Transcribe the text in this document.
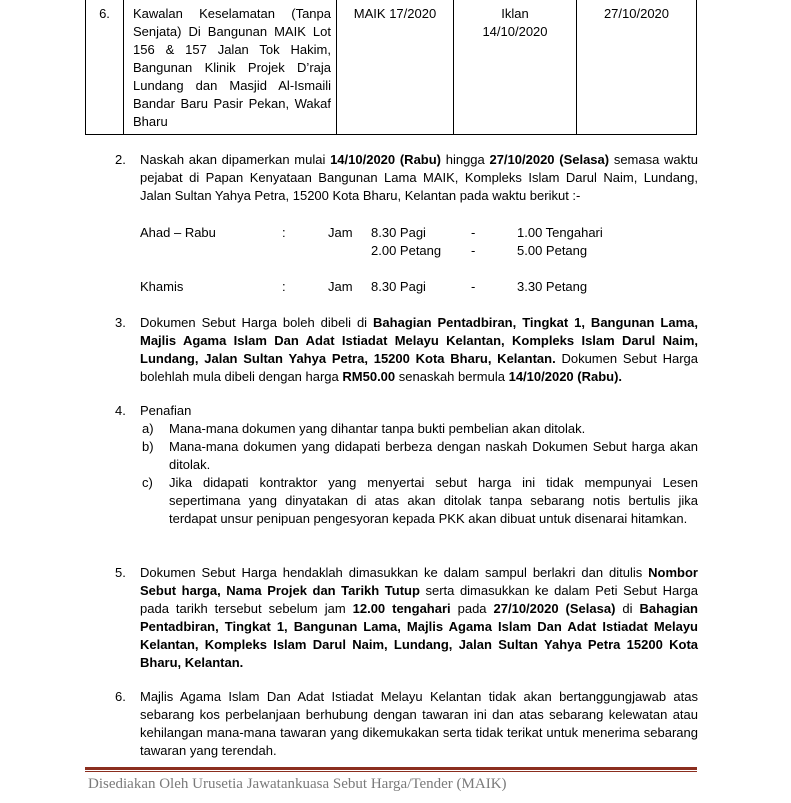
6.	Kawalan Keselamatan (Tanpa Senjata) Di Bangunan MAIK Lot 156 & 157 Jalan Tok Hakim, Bangunan Klinik Projek D’raja Lundang dan Masjid Al-Ismaili Bandar Baru Pasir Pekan, Wakaf Bharu	MAIK 17/2020	Iklan
14/10/2020
	27/10/2020
2. Naskah akan dipamerkan mulai 14/10/2020 (Rabu) hingga 27/10/2020 (Selasa) semasa waktu pejabat di Papan Kenyataan Bangunan Lama MAIK, Kompleks Islam Darul Naim, Lundang, Jalan Sultan Yahya Petra, 15200 Kota Bharu, Kelantan pada waktu berikut :-
Ahad – Rabu	:	Jam 8.30 Pagi	-	1.00 Tengahari
2.00 Petang -	5.00 Petang
Khamis	:	Jam 8.30 Pagi	-	3.30 Petang
3. Dokumen Sebut Harga boleh dibeli di Bahagian Pentadbiran, Tingkat 1, Bangunan Lama, Majlis Agama Islam Dan Adat Istiadat Melayu Kelantan, Kompleks Islam Darul Naim, Lundang, Jalan Sultan Yahya Petra, 15200 Kota Bharu, Kelantan. Dokumen Sebut Harga bolehlah mula dibeli dengan harga RM50.00 senaskah bermula 14/10/2020 (Rabu).
4. Penafian
a) Mana-mana dokumen yang dihantar tanpa bukti pembelian akan ditolak.
b) Mana-mana dokumen yang didapati berbeza dengan naskah Dokumen Sebut harga akan ditolak.
c) Jika didapati kontraktor yang menyertai sebut harga ini tidak mempunyai Lesen sepertimana yang dinyatakan di atas akan ditolak tanpa sebarang notis bertulis jika terdapat unsur penipuan pengesyoran kepada PKK akan dibuat untuk disenarai hitamkan.
5. Dokumen Sebut Harga hendaklah dimasukkan ke dalam sampul berlakri dan ditulis Nombor Sebut harga, Nama Projek dan Tarikh Tutup serta dimasukkan ke dalam Peti Sebut Harga pada tarikh tersebut sebelum jam 12.00 tengahari pada 27/10/2020 (Selasa) di Bahagian Pentadbiran, Tingkat 1, Bangunan Lama, Majlis Agama Islam Dan Adat Istiadat Melayu Kelantan, Kompleks Islam Darul Naim, Lundang, Jalan Sultan Yahya Petra 15200 Kota Bharu, Kelantan.
6. Majlis Agama Islam Dan Adat Istiadat Melayu Kelantan tidak akan bertanggungjawab atas sebarang kos perbelanjaan berhubung dengan tawaran ini dan atas sebarang kelewatan atau kehilangan mana-mana tawaran yang dikemukakan serta tidak terikat untuk menerima sebarang tawaran yang terendah.
Disediakan Oleh Urusetia Jawatankuasa Sebut Harga/Tender (MAIK)
